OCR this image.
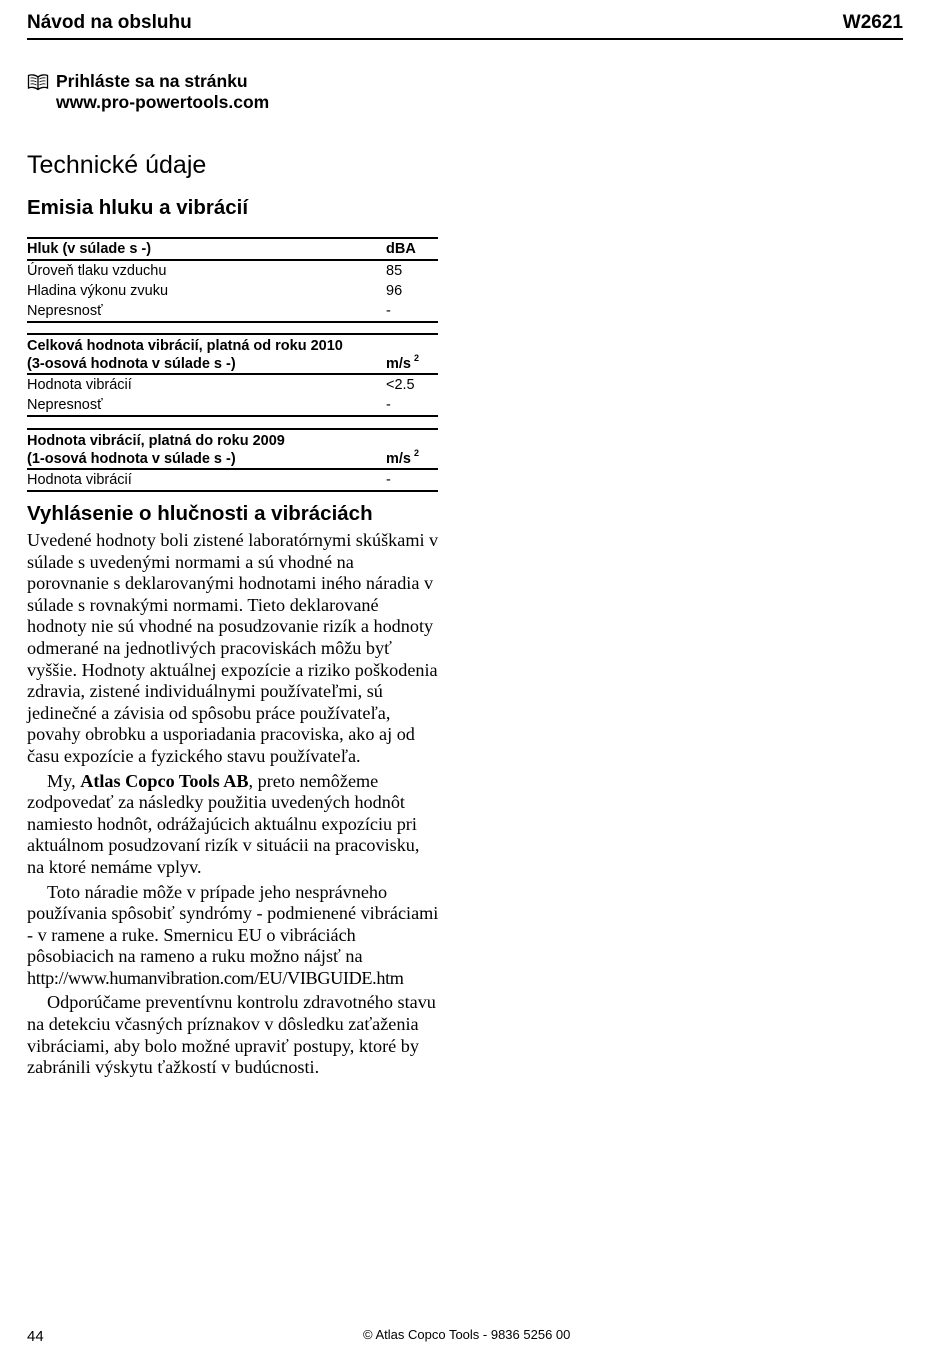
Návod na obsluhu	W2621
Prihláste sa na stránku
www.pro-powertools.com
Technické údaje
Emisia hluku a vibrácií
Hluk (v súlade s -)	dBA
Úroveň tlaku vzduchu	85
Hladina výkonu zvuku	96
Nepresnosť	-
Celková hodnota vibrácií, platná od roku 2010
(3-osová hodnota v súlade s -)	m/s $^2$
Hodnota vibrácií	<2.5
Nepresnosť	-
Hodnota vibrácií, platná do roku 2009
(1-osová hodnota v súlade s -)	m/s $^2$
Hodnota vibrácií	-
Vyhlásenie o hlučnosti a vibráciách

Uvedené hodnoty boli zistené laboratórnymi skúškami v súlade s uvedenými normami a sú vhodné na porovnanie s deklarovanými hodnotami iného náradia v súlade s rovnakými normami. Tieto deklarované hodnoty nie sú vhodné na posudzovanie rizík a hodnoty odmerané na jednotlivých pracoviskách môžu byť vyššie. Hodnoty aktuálnej expozície a riziko poškodenia zdravia, zistené individuálnymi používateľmi, sú jedinečné a závisia od spôsobu práce používateľa, povahy obrobku a usporiadania pracoviska, ako aj od času expozície a fyzického stavu používateľa.

My, Atlas Copco Tools AB, preto nemôžeme zodpovedať za následky použitia uvedených hodnôt namiesto hodnôt, odrážajúcich aktuálnu expozíciu pri aktuálnom posudzovaní rizík v situácii na pracovisku, na ktoré nemáme vplyv.

Toto náradie môže v prípade jeho nesprávneho používania spôsobiť syndrómy - podmienené vibráciami - v ramene a ruke. Smernicu EU o vibráciách pôsobiacich na rameno a ruku možno nájsť na
http://www.humanvibration.com/EU/VIBGUIDE.htm

Odporúčame preventívnu kontrolu zdravotného stavu na detekciu včasných príznakov v dôsledku zaťaženia vibráciami, aby bolo možné upraviť postupy, ktoré by zabránili výskytu ťažkostí v budúcnosti.

44	© Atlas Copco Tools - 9836 5256 00
